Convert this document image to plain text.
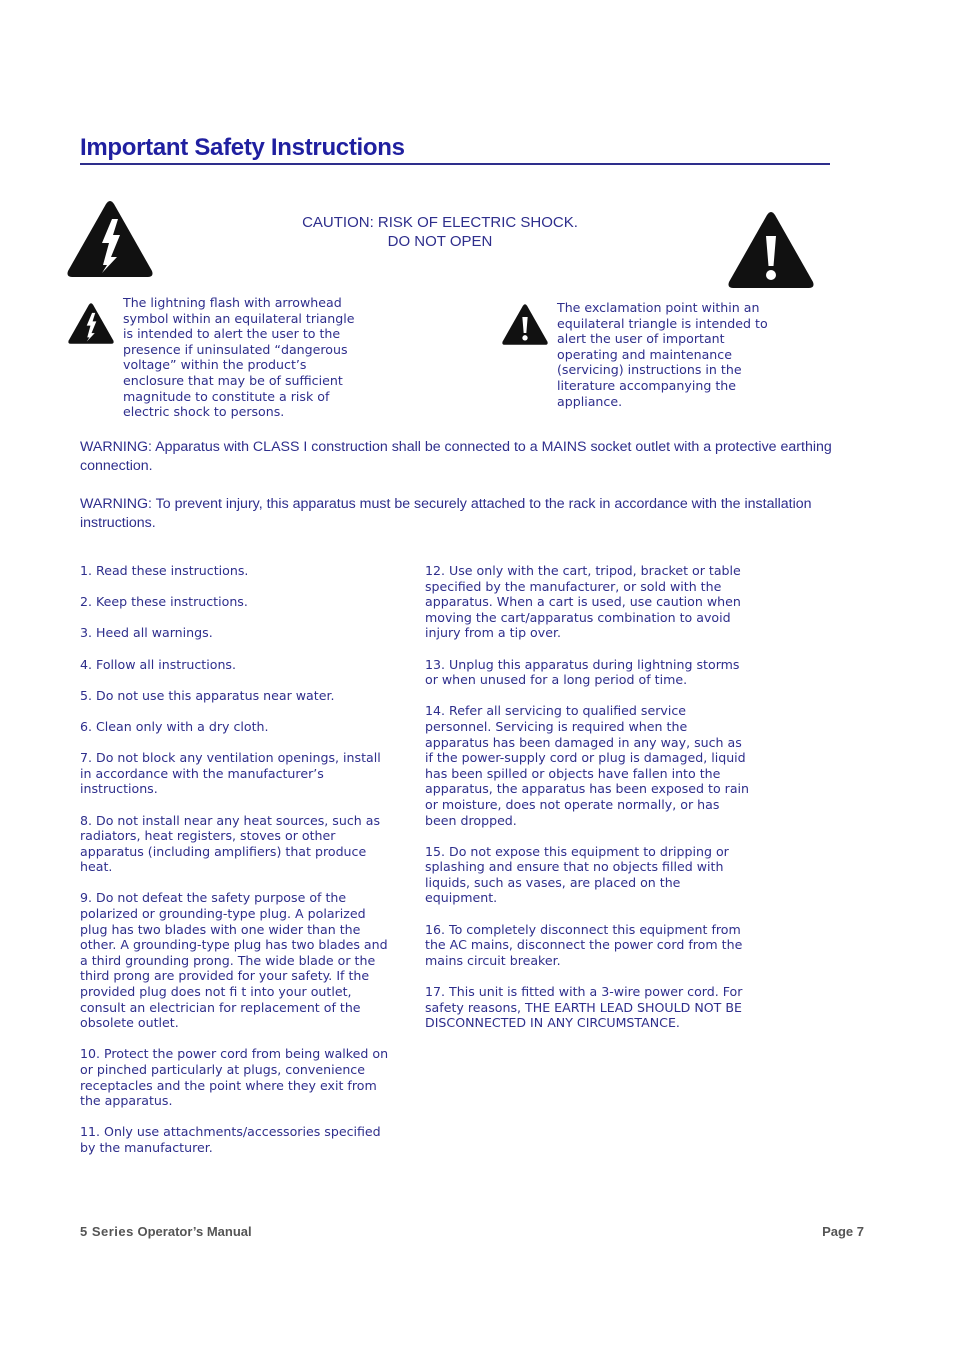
Important Safety Instructions
CAUTION: RISK OF ELECTRIC SHOCK.
DO NOT OPEN
The lightning flash with arrowhead symbol within an equilateral triangle is intended to alert the user to the presence if uninsulated “dangerous voltage” within the product’s enclosure that may be of sufficient magnitude to constitute a risk of electric shock to persons.
The exclamation point within an equilateral triangle is intended to alert the user of important operating and maintenance (servicing) instructions in the literature accompanying the appliance.
WARNING: Apparatus with CLASS I construction shall be connected to a MAINS socket outlet with a protective earthing connection.
WARNING: To prevent injury, this apparatus must be securely attached to the rack in accordance with the installation instructions.

1. Read these instructions.

2. Keep these instructions.

3. Heed all warnings.

4. Follow all instructions.

5. Do not use this apparatus near water.

6. Clean only with a dry cloth.

7. Do not block any ventilation openings, install in accordance with the manufacturer’s instructions.

8. Do not install near any heat sources, such as radiators, heat registers, stoves or other apparatus (including amplifiers) that produce heat.

9. Do not defeat the safety purpose of the polarized or grounding-type plug. A polarized plug has two blades with one wider than the other. A grounding-type plug has two blades and a third grounding prong. The wide blade or the third prong are provided for your safety. If the provided plug does not fi t into your outlet, consult an electrician for replacement of the obsolete outlet.

10. Protect the power cord from being walked on or pinched particularly at plugs, convenience receptacles and the point where they exit from the apparatus.

11. Only use attachments/accessories specified by the manufacturer.

12. Use only with the cart, tripod, bracket or table specified by the manufacturer, or sold with the apparatus. When a cart is used, use caution when moving the cart/apparatus combination to avoid injury from a tip over.

13. Unplug this apparatus during lightning storms or when unused for a long period of time.

14. Refer all servicing to qualified service personnel. Servicing is required when the apparatus has been damaged in any way, such as if the power-supply cord or plug is damaged, liquid has been spilled or objects have fallen into the apparatus, the apparatus has been exposed to rain or moisture, does not operate normally, or has been dropped.

15. Do not expose this equipment to dripping or splashing and ensure that no objects filled with liquids, such as vases, are placed on the equipment.

16. To completely disconnect this equipment from the AC mains, disconnect the power cord from the mains circuit breaker.

17. This unit is fitted with a 3-wire power cord. For safety reasons, THE EARTH LEAD SHOULD NOT BE DISCONNECTED IN ANY CIRCUMSTANCE.

5 Series Operator’s Manual	Page 7
